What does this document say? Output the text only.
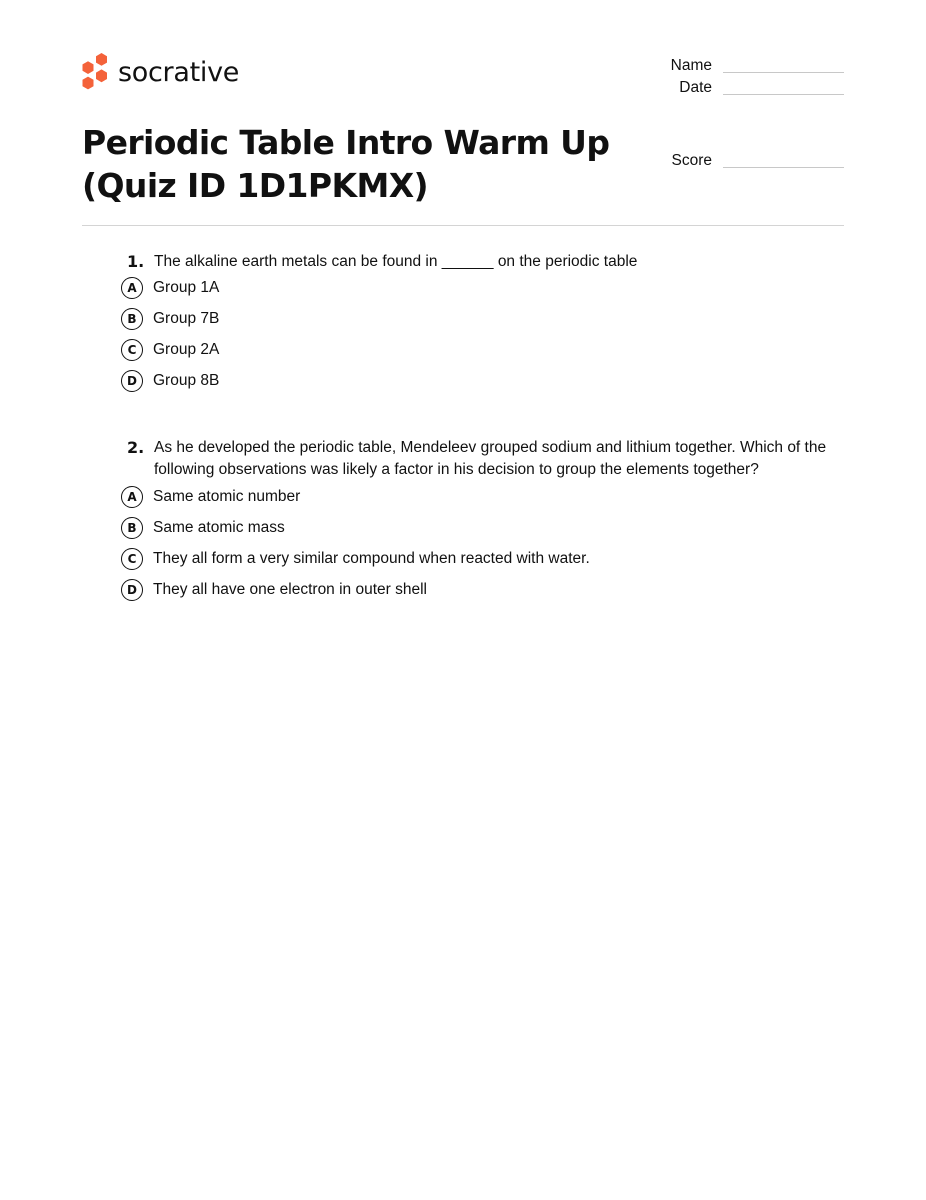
socrative
Periodic Table Intro Warm Up
(Quiz ID 1D1PKMX)
Name
Date
Score
1. The alkaline earth metals can be found in ______ on the periodic table
A	Group 1A
B	Group 7B
C	Group 2A
D	Group 8B
2. As he developed the periodic table, Mendeleev grouped sodium and lithium together. Which of the following observations was likely a factor in his decision to group the elements together?
A	Same atomic number
B	Same atomic mass
C	They all form a very similar compound when reacted with water.
D	They all have one electron in outer shell
